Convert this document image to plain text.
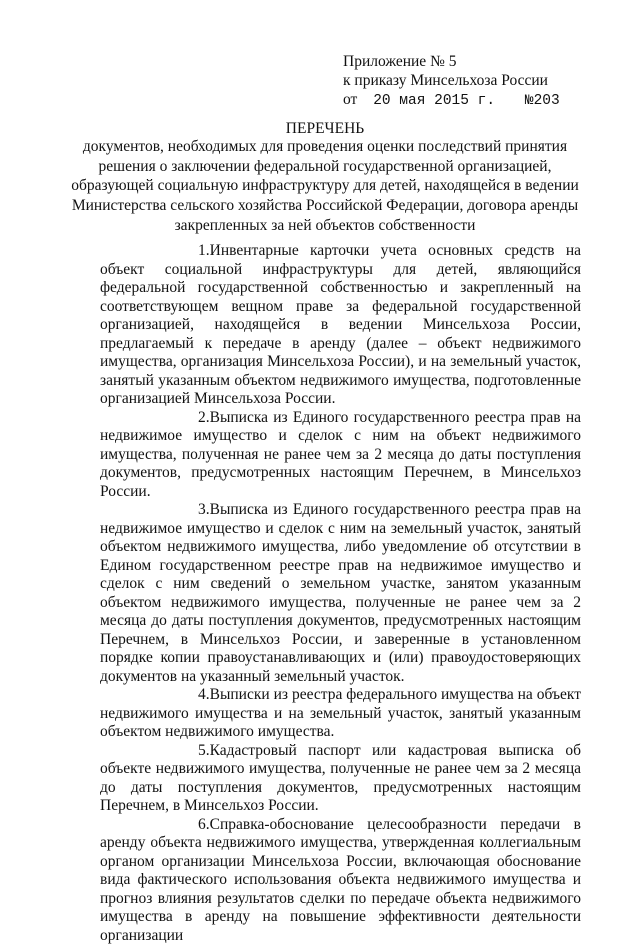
Приложение № 5
к приказу Минсельхоза России
от 20 мая 2015 г. №203
ПЕРЕЧЕНЬ
документов, необходимых для проведения оценки последствий принятия решения о заключении федеральной государственной организацией, образующей социальную инфраструктуру для детей, находящейся в ведении Министерства сельского хозяйства Российской Федерации, договора аренды закрепленных за ней объектов собственности

1.Инвентарные карточки учета основных средств на объект социальной инфраструктуры для детей, являющийся федеральной государственной собственностью и закрепленный на соответствующем вещном праве за федеральной государственной организацией, находящейся в ведении Минсельхоза России, предлагаемый к передаче в аренду (далее – объект недвижимого имущества, организация Минсельхоза России), и на земельный участок, занятый указанным объектом недвижимого имущества, подготовленные организацией Минсельхоза России.

2.Выписка из Единого государственного реестра прав на недвижимое имущество и сделок с ним на объект недвижимого имущества, полученная не ранее чем за 2 месяца до даты поступления документов, предусмотренных настоящим Перечнем, в Минсельхоз России.

3.Выписка из Единого государственного реестра прав на недвижимое имущество и сделок с ним на земельный участок, занятый объектом недвижимого имущества, либо уведомление об отсутствии в Едином государственном реестре прав на недвижимое имущество и сделок с ним сведений о земельном участке, занятом указанным объектом недвижимого имущества, полученные не ранее чем за 2 месяца до даты поступления документов, предусмотренных настоящим Перечнем, в Минсельхоз России, и заверенные в установленном порядке копии правоустанавливающих и (или) правоудостоверяющих документов на указанный земельный участок.

4.Выписки из реестра федерального имущества на объект недвижимого имущества и на земельный участок, занятый указанным объектом недвижимого имущества.

5.Кадастровый паспорт или кадастровая выписка об объекте недвижимого имущества, полученные не ранее чем за 2 месяца до даты поступления документов, предусмотренных настоящим Перечнем, в Минсельхоз России.

6.Справка-обоснование целесообразности передачи в аренду объекта недвижимого имущества, утвержденная коллегиальным органом организации Минсельхоза России, включающая обоснование вида фактического использования объекта недвижимого имущества и прогноз влияния результатов сделки по передаче объекта недвижимого имущества в аренду на повышение эффективности деятельности организации
